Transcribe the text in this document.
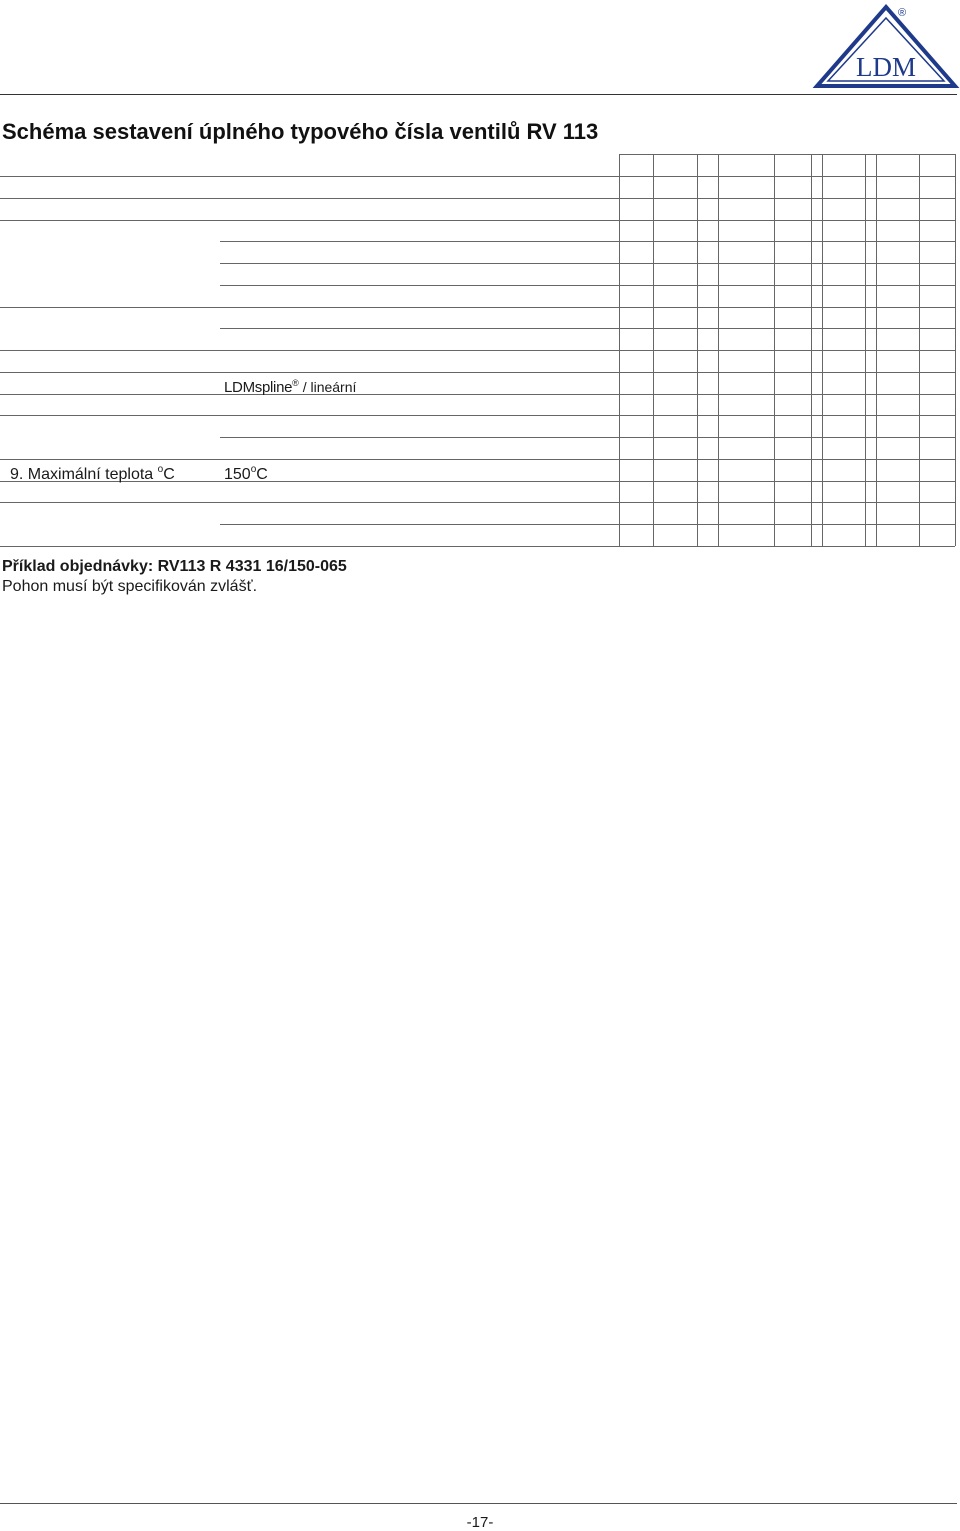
LDM
®
Schéma sestavení úplného typového čísla ventilů RV 113
LDMspline® / lineární
9. Maximální teplota $^o$C	150$^o$C
Příklad objednávky: RV113 R 4331 16/150-065
Pohon musí být specifikován zvlášť.
-17-
